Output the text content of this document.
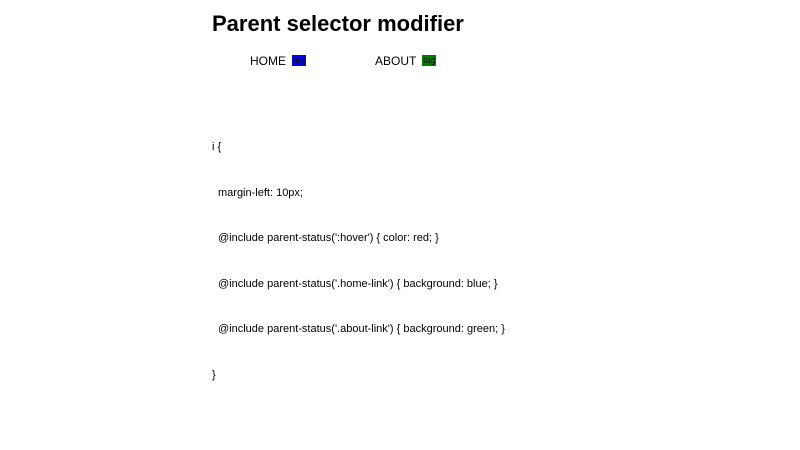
Parent selector modifier
HOME tag	ABOUT tag

i {

margin-left: 10px;

@include parent-status(':hover') { color: red; }

@include parent-status('.home-link') { background: blue; }

@include parent-status('.about-link') { background: green; }

}
